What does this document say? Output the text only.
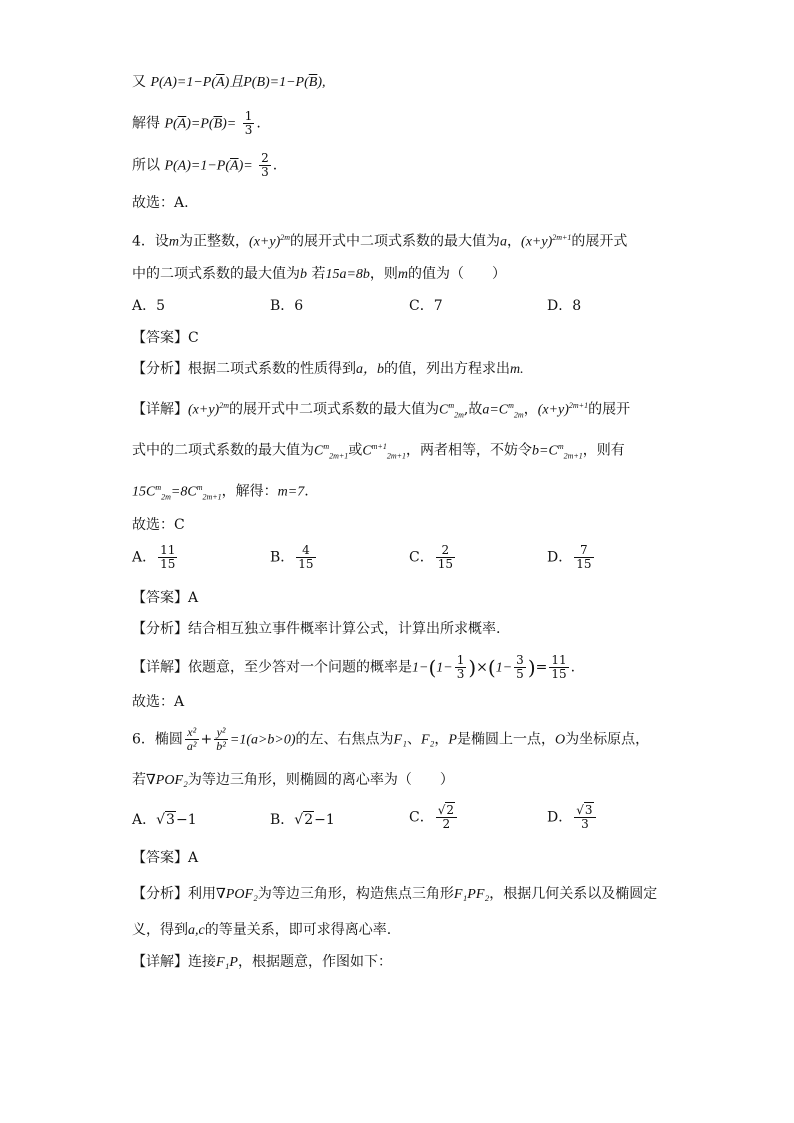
又 $P(A)=1-P(\overline{A})$且$P(B)=1-P(\overline{B})$,
解得 $P(\overline{A})=P(\overline{B})= \frac{1}{3}$ .
所以 $P(A)=1-P(\overline{A})= \frac{2}{3}$ .
故选：A.
4．设m为正整数，$(x+y)^{2m}$的展开式中二项式系数的最大值为a，$(x+y)^{2m+1}$的展开式
中的二项式系数的最大值为b 若15a=8b，则m的值为（　　）
A．5	B．6	C．7	D．8
【答案】C
【分析】根据二项式系数的性质得到a，b的值，列出方程求出m.
【详解】$(x+y)^{2m}$的展开式中二项式系数的最大值为$C^m_{2m}$,故$a=C^m_{2m}$，$(x+y)^{2m+1}$的展开
式中的二项式系数的最大值为$C^m_{2m+1}$或$C^{m+1}_{2m+1}$，两者相等，不妨令$b=C^m_{2m+1}$，则有
$15C^m_{2m}=8C^m_{2m+1}$，解得：m=7.
故选：C
A． $\frac{11}{15}$	B． $\frac{4}{15}$	C． $\frac{2}{15}$	D． $\frac{7}{15}$
【答案】A
【分析】结合相互独立事件概率计算公式，计算出所求概率.
【详解】依题意，至少答对一个问题的概率是$1-(1- \frac{1}{3} )\times(1- \frac{3}{5}$ )= $\frac{11}{15}$ .
故选：A
6．椭圆 $\frac{\text{x²}}{\text{a²}} + \frac{\text{y²}}{\text{b²}} =1(a>b>0)$的左、右焦点为F₁、F₂，P是椭圆上一点，O为坐标原点，
若∇POF₂为等边三角形，则椭圆的离心率为（　　）
A．√3−1	B．√2−1	C． $\frac{√2}{2}$	D． $\frac{√3}{3}$
【答案】A
【分析】利用∇POF₂为等边三角形，构造焦点三角形F₁PF₂，根据几何关系以及椭圆定
义，得到a,c的等量关系，即可求得离心率.
【详解】连接F₁P，根据题意，作图如下：
